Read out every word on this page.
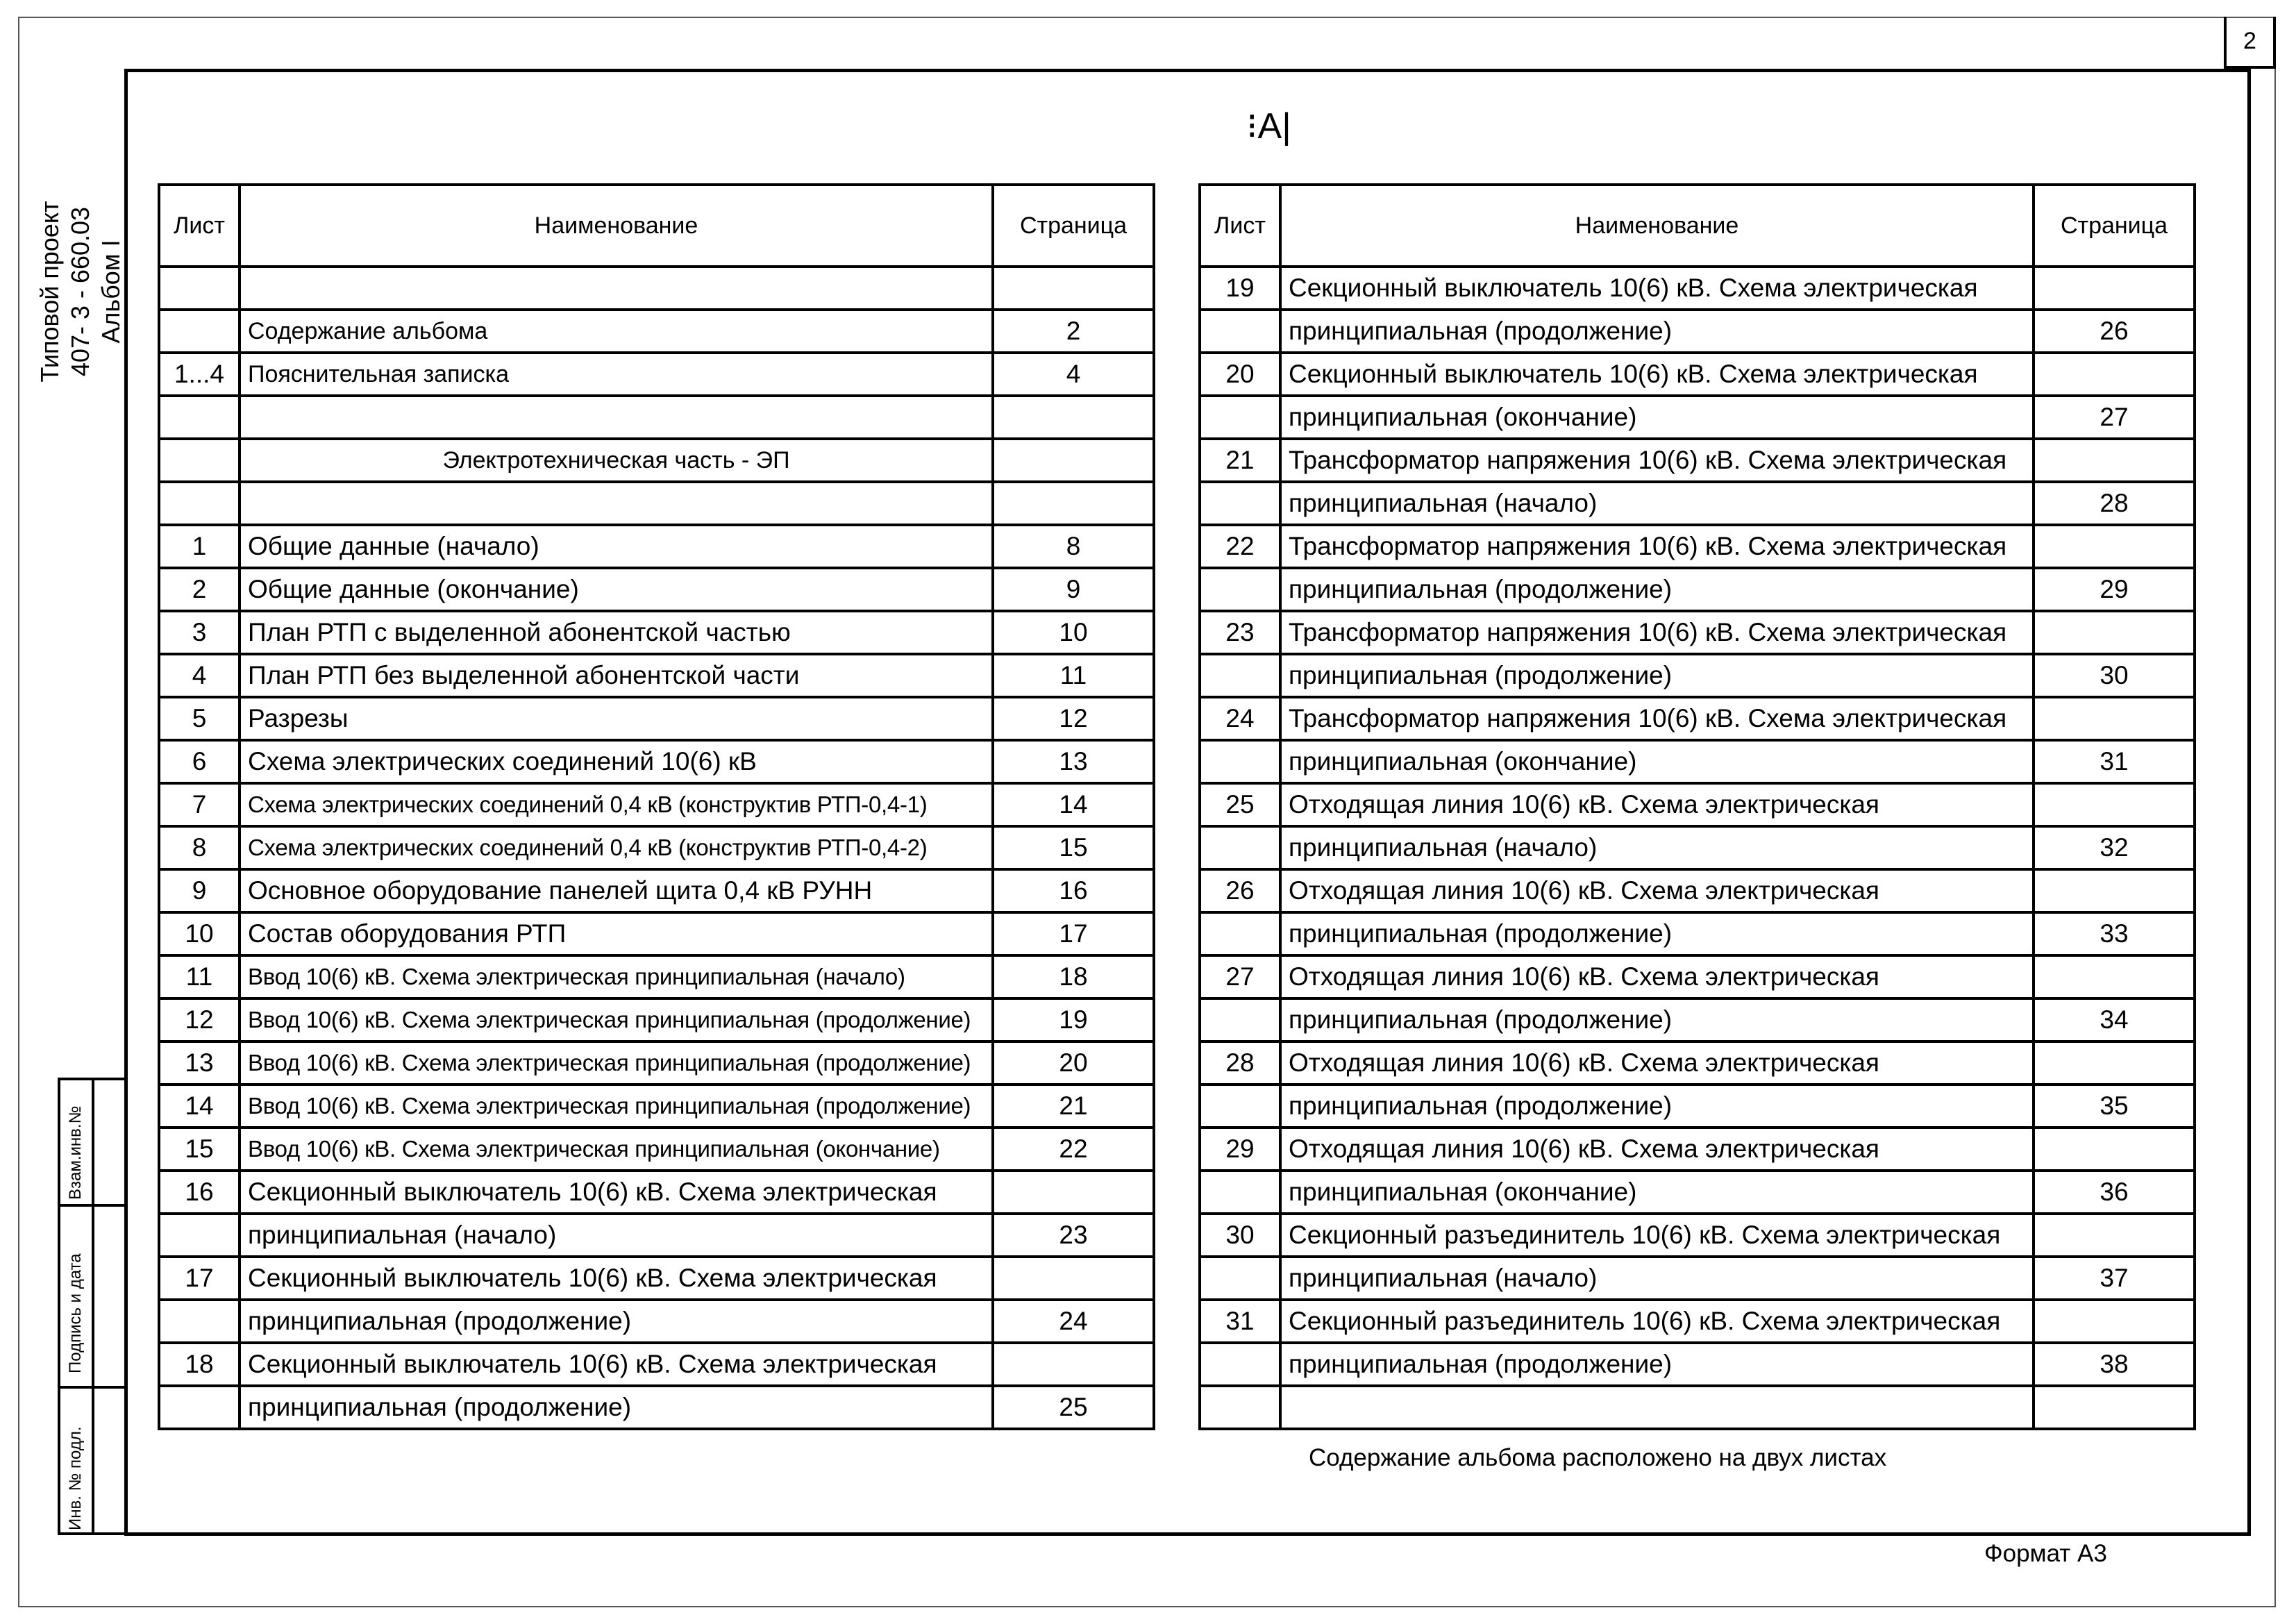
2
Типовой проект 407- 3 - 660.03 Альбом I
Взам.инв.№
Подпись и дата
Инв. № подл.
⁝A|
Лист	Наименование	Страница

	Содержание альбома	2
1...4	Пояснительная записка	4

	Электротехническая часть - ЭП	

1	Общие данные (начало)	8
2	Общие данные (окончание)	9
3	План РТП с выделенной абонентской частью	10
4	План РТП без выделенной абонентской части	11
5	Разрезы	12
6	Схема электрических соединений 10(6) кВ	13
7	Схема электрических соединений 0,4 кВ (конструктив РТП-0,4-1)	14
8	Схема электрических соединений 0,4 кВ (конструктив РТП-0,4-2)	15
9	Основное оборудование панелей щита 0,4 кВ РУНН	16
10	Состав оборудования РТП	17
11	Ввод 10(6) кВ. Схема электрическая принципиальная (начало)	18
12	Ввод 10(6) кВ. Схема электрическая принципиальная (продолжение)	19
13	Ввод 10(6) кВ. Схема электрическая принципиальная (продолжение)	20
14	Ввод 10(6) кВ. Схема электрическая принципиальная (продолжение)	21
15	Ввод 10(6) кВ. Схема электрическая принципиальная (окончание)	22
16	Секционный выключатель 10(6) кВ. Схема электрическая	
	принципиальная (начало)	23
17	Секционный выключатель 10(6) кВ. Схема электрическая	
	принципиальная (продолжение)	24
18	Секционный выключатель 10(6) кВ. Схема электрическая	
	принципиальная (продолжение)	25
Лист	Наименование	Страница
19	Секционный выключатель 10(6) кВ. Схема электрическая	
	принципиальная (продолжение)	26
20	Секционный выключатель 10(6) кВ. Схема электрическая	
	принципиальная (окончание)	27
21	Трансформатор напряжения 10(6) кВ. Схема электрическая	
	принципиальная (начало)	28
22	Трансформатор напряжения 10(6) кВ. Схема электрическая	
	принципиальная (продолжение)	29
23	Трансформатор напряжения 10(6) кВ. Схема электрическая	
	принципиальная (продолжение)	30
24	Трансформатор напряжения 10(6) кВ. Схема электрическая	
	принципиальная (окончание)	31
25	Отходящая линия 10(6) кВ. Схема электрическая	
	принципиальная (начало)	32
26	Отходящая линия 10(6) кВ. Схема электрическая	
	принципиальная (продолжение)	33
27	Отходящая линия 10(6) кВ. Схема электрическая	
	принципиальная (продолжение)	34
28	Отходящая линия 10(6) кВ. Схема электрическая	
	принципиальная (продолжение)	35
29	Отходящая линия 10(6) кВ. Схема электрическая	
	принципиальная (окончание)	36
30	Секционный разъединитель 10(6) кВ. Схема электрическая	
	принципиальная (начало)	37
31	Секционный разъединитель 10(6) кВ. Схема электрическая	
	принципиальная (продолжение)	38

Содержание альбома расположено на двух листах
Формат А3
